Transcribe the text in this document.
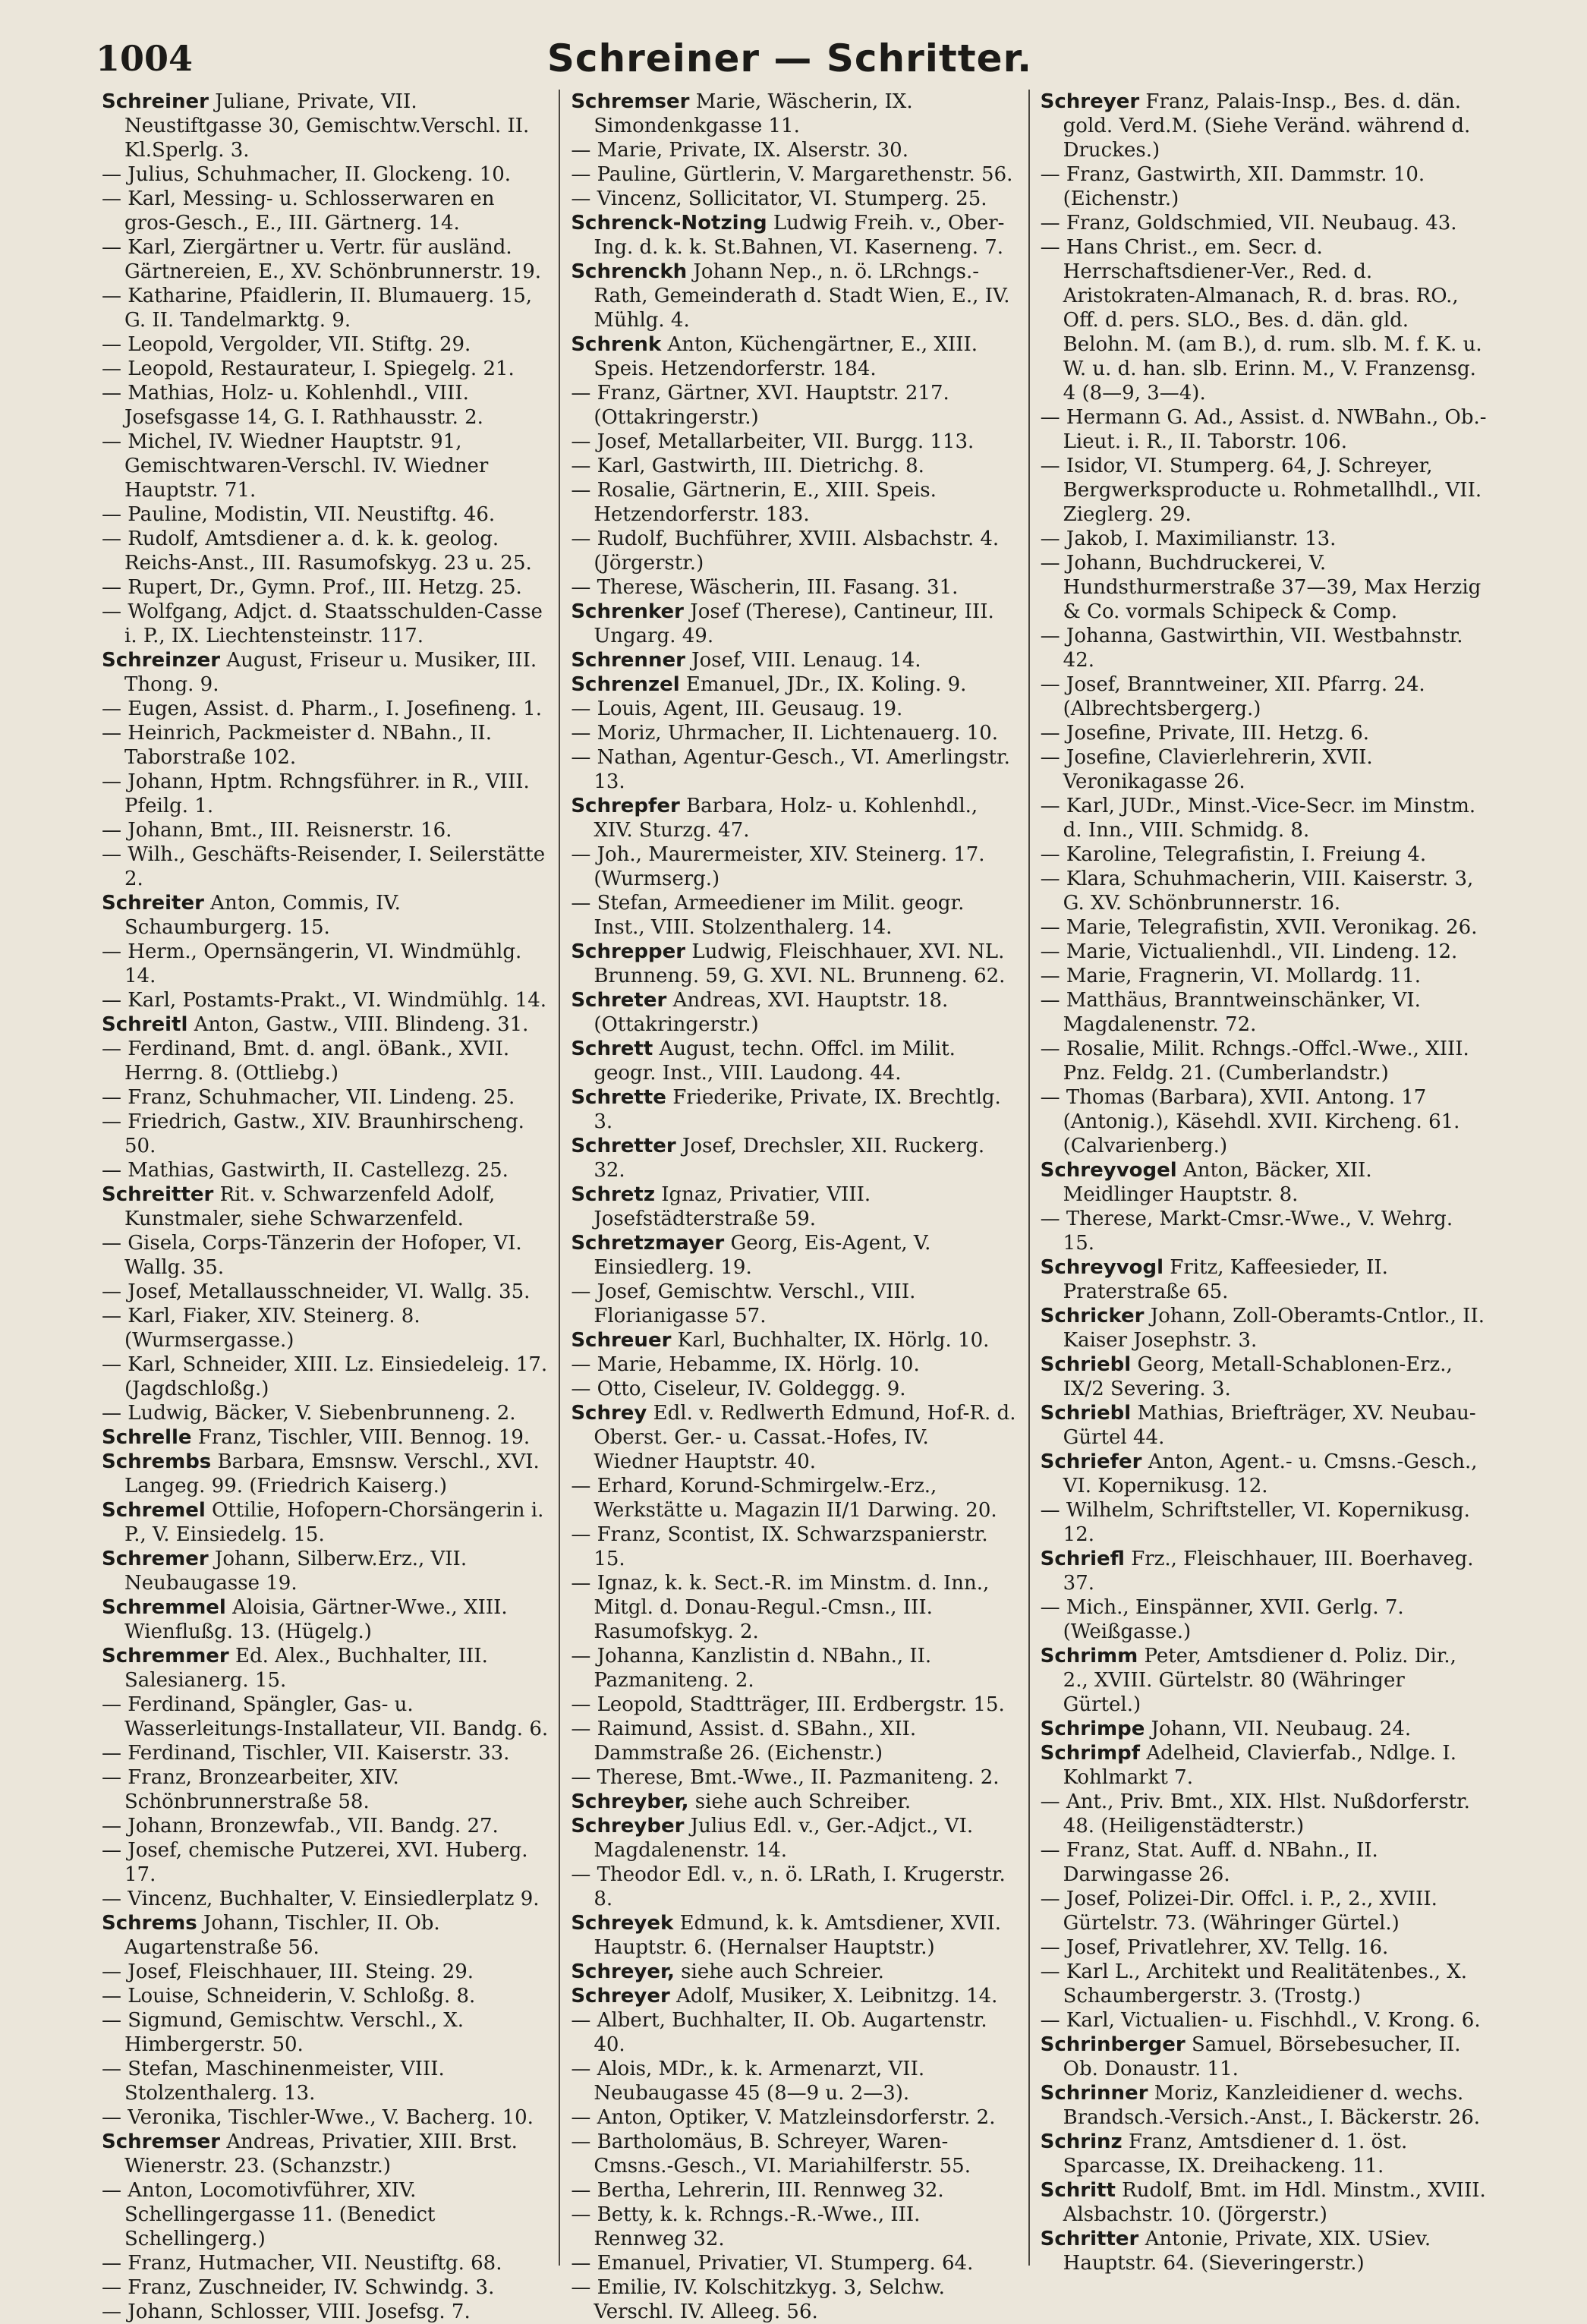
1004	Schreiner — Schritter.

Schreiner Juliane, Private, VII. Neustiftgasse 30, Gemischtw.Verschl. II. Kl.Sperlg. 3.

— Julius, Schuhmacher, II. Glockeng. 10.

— Karl, Messing- u. Schlosserwaren en gros-Gesch., E., III. Gärtnerg. 14.

— Karl, Ziergärtner u. Vertr. für ausländ. Gärtnereien, E., XV. Schönbrunnerstr. 19.

— Katharine, Pfaidlerin, II. Blumauerg. 15, G. II. Tandelmarktg. 9.

— Leopold, Vergolder, VII. Stiftg. 29.

— Leopold, Restaurateur, I. Spiegelg. 21.

— Mathias, Holz- u. Kohlenhdl., VIII. Josefsgasse 14, G. I. Rathhausstr. 2.

— Michel, IV. Wiedner Hauptstr. 91, Gemischtwaren-Verschl. IV. Wiedner Hauptstr. 71.

— Pauline, Modistin, VII. Neustiftg. 46.

— Rudolf, Amtsdiener a. d. k. k. geolog. Reichs-Anst., III. Rasumofskyg. 23 u. 25.

— Rupert, Dr., Gymn. Prof., III. Hetzg. 25.

— Wolfgang, Adjct. d. Staatsschulden-Casse i. P., IX. Liechtensteinstr. 117.

Schreinzer August, Friseur u. Musiker, III. Thong. 9.

— Eugen, Assist. d. Pharm., I. Josefineng. 1.

— Heinrich, Packmeister d. NBahn., II. Taborstraße 102.

— Johann, Hptm. Rchngsführer. in R., VIII. Pfeilg. 1.

— Johann, Bmt., III. Reisnerstr. 16.

— Wilh., Geschäfts-Reisender, I. Seilerstätte 2.

Schreiter Anton, Commis, IV. Schaumburgerg. 15.

— Herm., Opernsängerin, VI. Windmühlg. 14.

— Karl, Postamts-Prakt., VI. Windmühlg. 14.

Schreitl Anton, Gastw., VIII. Blindeng. 31.

— Ferdinand, Bmt. d. angl. öBank., XVII. Herrng. 8. (Ottliebg.)

— Franz, Schuhmacher, VII. Lindeng. 25.

— Friedrich, Gastw., XIV. Braunhirscheng. 50.

— Mathias, Gastwirth, II. Castellezg. 25.

Schreitter Rit. v. Schwarzenfeld Adolf, Kunstmaler, siehe Schwarzenfeld.

— Gisela, Corps-Tänzerin der Hofoper, VI. Wallg. 35.

— Josef, Metallausschneider, VI. Wallg. 35.

— Karl, Fiaker, XIV. Steinerg. 8. (Wurmsergasse.)

— Karl, Schneider, XIII. Lz. Einsiedeleig. 17. (Jagdschloßg.)

— Ludwig, Bäcker, V. Siebenbrunneng. 2.

Schrelle Franz, Tischler, VIII. Bennog. 19.

Schrembs Barbara, Emsnsw. Verschl., XVI. Langeg. 99. (Friedrich Kaiserg.)

Schremel Ottilie, Hofopern-Chorsängerin i. P., V. Einsiedelg. 15.

Schremer Johann, Silberw.Erz., VII. Neubaugasse 19.

Schremmel Aloisia, Gärtner-Wwe., XIII. Wienflußg. 13. (Hügelg.)

Schremmer Ed. Alex., Buchhalter, III. Salesianerg. 15.

— Ferdinand, Spängler, Gas- u. Wasserleitungs-Installateur, VII. Bandg. 6.

— Ferdinand, Tischler, VII. Kaiserstr. 33.

— Franz, Bronzearbeiter, XIV. Schönbrunnerstraße 58.

— Johann, Bronzewfab., VII. Bandg. 27.

— Josef, chemische Putzerei, XVI. Huberg. 17.

— Vincenz, Buchhalter, V. Einsiedlerplatz 9.

Schrems Johann, Tischler, II. Ob. Augartenstraße 56.

— Josef, Fleischhauer, III. Steing. 29.

— Louise, Schneiderin, V. Schloßg. 8.

— Sigmund, Gemischtw. Verschl., X. Himbergerstr. 50.

— Stefan, Maschinenmeister, VIII. Stolzenthalerg. 13.

— Veronika, Tischler-Wwe., V. Bacherg. 10.

Schremser Andreas, Privatier, XIII. Brst. Wienerstr. 23. (Schanzstr.)

— Anton, Locomotivführer, XIV. Schellingergasse 11. (Benedict Schellingerg.)

— Franz, Hutmacher, VII. Neustiftg. 68.

— Franz, Zuschneider, IV. Schwindg. 3.

— Johann, Schlosser, VIII. Josefsg. 7.

Schremser Marie, Wäscherin, IX. Simondenkgasse 11.

— Marie, Private, IX. Alserstr. 30.

— Pauline, Gürtlerin, V. Margarethenstr. 56.

— Vincenz, Sollicitator, VI. Stumperg. 25.

Schrenck-Notzing Ludwig Freih. v., Ober-Ing. d. k. k. St.Bahnen, VI. Kaserneng. 7.

Schrenckh Johann Nep., n. ö. LRchngs.-Rath, Gemeinderath d. Stadt Wien, E., IV. Mühlg. 4.

Schrenk Anton, Küchengärtner, E., XIII. Speis. Hetzendorferstr. 184.

— Franz, Gärtner, XVI. Hauptstr. 217. (Ottakringerstr.)

— Josef, Metallarbeiter, VII. Burgg. 113.

— Karl, Gastwirth, III. Dietrichg. 8.

— Rosalie, Gärtnerin, E., XIII. Speis. Hetzendorferstr. 183.

— Rudolf, Buchführer, XVIII. Alsbachstr. 4. (Jörgerstr.)

— Therese, Wäscherin, III. Fasang. 31.

Schrenker Josef (Therese), Cantineur, III. Ungarg. 49.

Schrenner Josef, VIII. Lenaug. 14.

Schrenzel Emanuel, JDr., IX. Koling. 9.

— Louis, Agent, III. Geusaug. 19.

— Moriz, Uhrmacher, II. Lichtenauerg. 10.

— Nathan, Agentur-Gesch., VI. Amerlingstr. 13.

Schrepfer Barbara, Holz- u. Kohlenhdl., XIV. Sturzg. 47.

— Joh., Maurermeister, XIV. Steinerg. 17. (Wurmserg.)

— Stefan, Armeediener im Milit. geogr. Inst., VIII. Stolzenthalerg. 14.

Schrepper Ludwig, Fleischhauer, XVI. NL. Brunneng. 59, G. XVI. NL. Brunneng. 62.

Schreter Andreas, XVI. Hauptstr. 18. (Ottakringerstr.)

Schrett August, techn. Offcl. im Milit. geogr. Inst., VIII. Laudong. 44.

Schrette Friederike, Private, IX. Brechtlg. 3.

Schretter Josef, Drechsler, XII. Ruckerg. 32.

Schretz Ignaz, Privatier, VIII. Josefstädterstraße 59.

Schretzmayer Georg, Eis-Agent, V. Einsiedlerg. 19.

— Josef, Gemischtw. Verschl., VIII. Florianigasse 57.

Schreuer Karl, Buchhalter, IX. Hörlg. 10.

— Marie, Hebamme, IX. Hörlg. 10.

— Otto, Ciseleur, IV. Goldeggg. 9.

Schrey Edl. v. Redlwerth Edmund, Hof-R. d. Oberst. Ger.- u. Cassat.-Hofes, IV. Wiedner Hauptstr. 40.

— Erhard, Korund-Schmirgelw.-Erz., Werkstätte u. Magazin II/1 Darwing. 20.

— Franz, Scontist, IX. Schwarzspanierstr. 15.

— Ignaz, k. k. Sect.-R. im Minstm. d. Inn., Mitgl. d. Donau-Regul.-Cmsn., III. Rasumofskyg. 2.

— Johanna, Kanzlistin d. NBahn., II. Pazmaniteng. 2.

— Leopold, Stadtträger, III. Erdbergstr. 15.

— Raimund, Assist. d. SBahn., XII. Dammstraße 26. (Eichenstr.)

— Therese, Bmt.-Wwe., II. Pazmaniteng. 2.

Schreyber, siehe auch Schreiber.

Schreyber Julius Edl. v., Ger.-Adjct., VI. Magdalenenstr. 14.

— Theodor Edl. v., n. ö. LRath, I. Krugerstr. 8.

Schreyek Edmund, k. k. Amtsdiener, XVII. Hauptstr. 6. (Hernalser Hauptstr.)

Schreyer, siehe auch Schreier.

Schreyer Adolf, Musiker, X. Leibnitzg. 14.

— Albert, Buchhalter, II. Ob. Augartenstr. 40.

— Alois, MDr., k. k. Armenarzt, VII. Neubaugasse 45 (8—9 u. 2—3).

— Anton, Optiker, V. Matzleinsdorferstr. 2.

— Bartholomäus, B. Schreyer, Waren-Cmsns.-Gesch., VI. Mariahilferstr. 55.

— Bertha, Lehrerin, III. Rennweg 32.

— Betty, k. k. Rchngs.-R.-Wwe., III. Rennweg 32.

— Emanuel, Privatier, VI. Stumperg. 64.

— Emilie, IV. Kolschitzkyg. 3, Selchw. Verschl. IV. Alleeg. 56.

Schreyer Franz, Palais-Insp., Bes. d. dän. gold. Verd.M. (Siehe Veränd. während d. Druckes.)

— Franz, Gastwirth, XII. Dammstr. 10. (Eichenstr.)

— Franz, Goldschmied, VII. Neubaug. 43.

— Hans Christ., em. Secr. d. Herrschaftsdiener-Ver., Red. d. Aristokraten-Almanach, R. d. bras. RO., Off. d. pers. SLO., Bes. d. dän. gld. Belohn. M. (am B.), d. rum. slb. M. f. K. u. W. u. d. han. slb. Erinn. M., V. Franzensg. 4 (8—9, 3—4).

— Hermann G. Ad., Assist. d. NWBahn., Ob.-Lieut. i. R., II. Taborstr. 106.

— Isidor, VI. Stumperg. 64, J. Schreyer, Bergwerksproducte u. Rohmetallhdl., VII. Zieglerg. 29.

— Jakob, I. Maximilianstr. 13.

— Johann, Buchdruckerei, V. Hundsthurmerstraße 37—39, Max Herzig & Co. vormals Schipeck & Comp.

— Johanna, Gastwirthin, VII. Westbahnstr. 42.

— Josef, Branntweiner, XII. Pfarrg. 24. (Albrechtsbergerg.)

— Josefine, Private, III. Hetzg. 6.

— Josefine, Clavierlehrerin, XVII. Veronikagasse 26.

— Karl, JUDr., Minst.-Vice-Secr. im Minstm. d. Inn., VIII. Schmidg. 8.

— Karoline, Telegrafistin, I. Freiung 4.

— Klara, Schuhmacherin, VIII. Kaiserstr. 3, G. XV. Schönbrunnerstr. 16.

— Marie, Telegrafistin, XVII. Veronikag. 26.

— Marie, Victualienhdl., VII. Lindeng. 12.

— Marie, Fragnerin, VI. Mollardg. 11.

— Matthäus, Branntweinschänker, VI. Magdalenenstr. 72.

— Rosalie, Milit. Rchngs.-Offcl.-Wwe., XIII. Pnz. Feldg. 21. (Cumberlandstr.)

— Thomas (Barbara), XVII. Antong. 17 (Antonig.), Käsehdl. XVII. Kircheng. 61. (Calvarienberg.)

Schreyvogel Anton, Bäcker, XII. Meidlinger Hauptstr. 8.

— Therese, Markt-Cmsr.-Wwe., V. Wehrg. 15.

Schreyvogl Fritz, Kaffeesieder, II. Praterstraße 65.

Schricker Johann, Zoll-Oberamts-Cntlor., II. Kaiser Josephstr. 3.

Schriebl Georg, Metall-Schablonen-Erz., IX/2 Severing. 3.

Schriebl Mathias, Briefträger, XV. Neubau-Gürtel 44.

Schriefer Anton, Agent.- u. Cmsns.-Gesch., VI. Kopernikusg. 12.

— Wilhelm, Schriftsteller, VI. Kopernikusg. 12.

Schriefl Frz., Fleischhauer, III. Boerhaveg. 37.

— Mich., Einspänner, XVII. Gerlg. 7. (Weißgasse.)

Schrimm Peter, Amtsdiener d. Poliz. Dir., 2., XVIII. Gürtelstr. 80 (Währinger Gürtel.)

Schrimpe Johann, VII. Neubaug. 24.

Schrimpf Adelheid, Clavierfab., Ndlge. I. Kohlmarkt 7.

— Ant., Priv. Bmt., XIX. Hlst. Nußdorferstr. 48. (Heiligenstädterstr.)

— Franz, Stat. Auff. d. NBahn., II. Darwingasse 26.

— Josef, Polizei-Dir. Offcl. i. P., 2., XVIII. Gürtelstr. 73. (Währinger Gürtel.)

— Josef, Privatlehrer, XV. Tellg. 16.

— Karl L., Architekt und Realitätenbes., X. Schaumbergerstr. 3. (Trostg.)

— Karl, Victualien- u. Fischhdl., V. Krong. 6.

Schrinberger Samuel, Börsebesucher, II. Ob. Donaustr. 11.

Schrinner Moriz, Kanzleidiener d. wechs. Brandsch.-Versich.-Anst., I. Bäckerstr. 26.

Schrinz Franz, Amtsdiener d. 1. öst. Sparcasse, IX. Dreihackeng. 11.

Schritt Rudolf, Bmt. im Hdl. Minstm., XVIII. Alsbachstr. 10. (Jörgerstr.)

Schritter Antonie, Private, XIX. USiev. Hauptstr. 64. (Sieveringerstr.)
